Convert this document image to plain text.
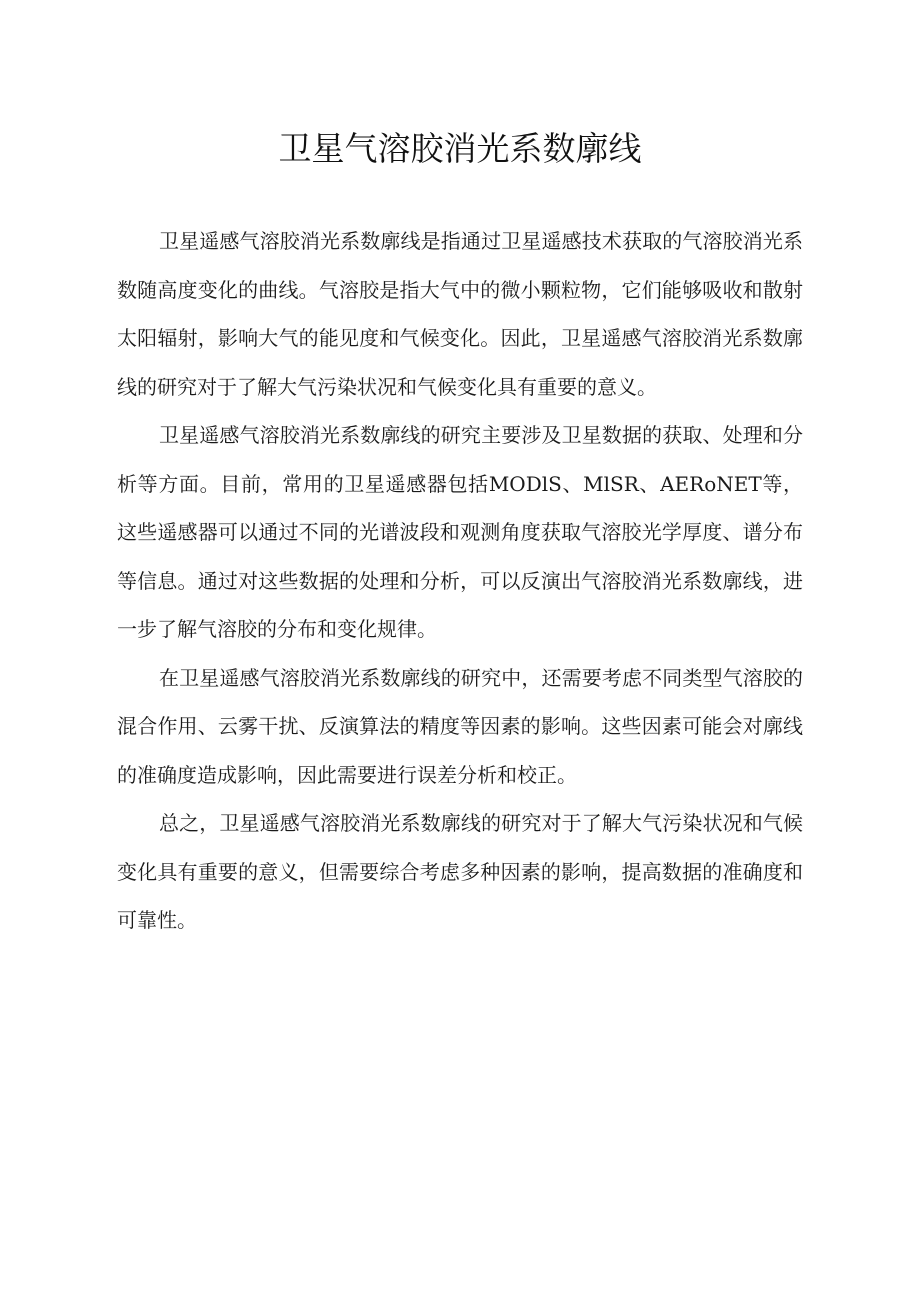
卫星气溶胶消光系数廓线

卫星遥感气溶胶消光系数廓线是指通过卫星遥感技术获取的气溶胶消光系数随高度变化的曲线。气溶胶是指大气中的微小颗粒物，它们能够吸收和散射太阳辐射，影响大气的能见度和气候变化。因此，卫星遥感气溶胶消光系数廓线的研究对于了解大气污染状况和气候变化具有重要的意义。

卫星遥感气溶胶消光系数廓线的研究主要涉及卫星数据的获取、处理和分析等方面。目前，常用的卫星遥感器包括MODlS、MlSR、AERoNET等，这些遥感器可以通过不同的光谱波段和观测角度获取气溶胶光学厚度、谱分布等信息。通过对这些数据的处理和分析，可以反演出气溶胶消光系数廓线，进一步了解气溶胶的分布和变化规律。

在卫星遥感气溶胶消光系数廓线的研究中，还需要考虑不同类型气溶胶的混合作用、云雾干扰、反演算法的精度等因素的影响。这些因素可能会对廓线的准确度造成影响，因此需要进行误差分析和校正。

总之，卫星遥感气溶胶消光系数廓线的研究对于了解大气污染状况和气候变化具有重要的意义，但需要综合考虑多种因素的影响，提高数据的准确度和可靠性。
